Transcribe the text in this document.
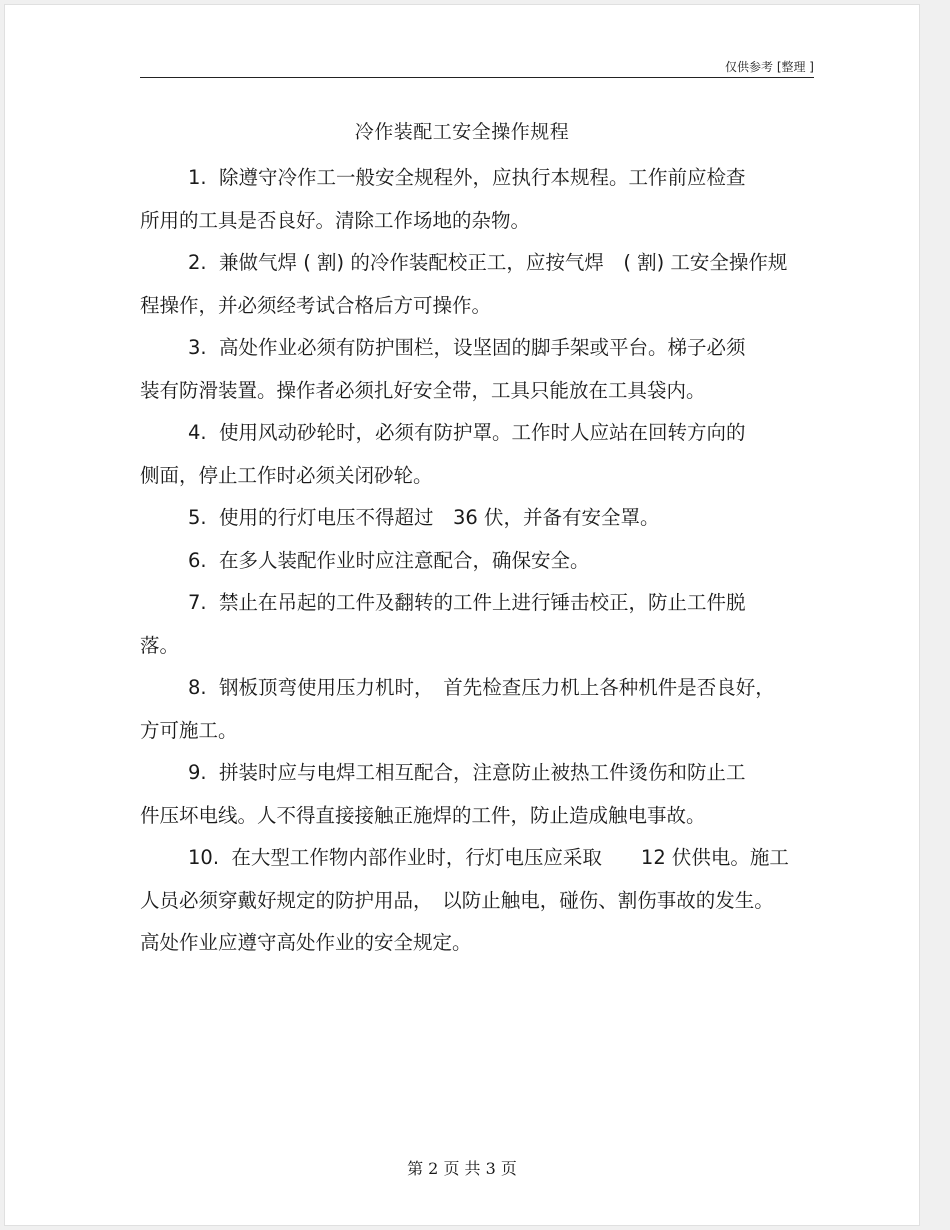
仅供参考 [整理 ]
冷作装配工安全操作规程
1.  除遵守冷作工一般安全规程外，应执行本规程。工作前应检查
所用的工具是否良好。清除工作场地的杂物。
2.  兼做气焊 ( 割) 的冷作装配校正工，应按气焊　( 割) 工安全操作规
程操作，并必须经考试合格后方可操作。
3.  高处作业必须有防护围栏，设坚固的脚手架或平台。梯子必须
装有防滑装置。操作者必须扎好安全带，工具只能放在工具袋内。
4.  使用风动砂轮时，必须有防护罩。工作时人应站在回转方向的
侧面，停止工作时必须关闭砂轮。
5.  使用的行灯电压不得超过　36 伏，并备有安全罩。
6.  在多人装配作业时应注意配合，确保安全。
7.  禁止在吊起的工件及翻转的工件上进行锤击校正，防止工件脱
落。
8.  钢板顶弯使用压力机时，　首先检查压力机上各种机件是否良好，
方可施工。
9.  拼装时应与电焊工相互配合，注意防止被热工件烫伤和防止工
件压坏电线。人不得直接接触正施焊的工件，防止造成触电事故。
10.  在大型工作物内部作业时，行灯电压应采取　　12 伏供电。施工
人员必须穿戴好规定的防护用品，　以防止触电，碰伤、割伤事故的发生。
高处作业应遵守高处作业的安全规定。
第 2 页 共 3 页
